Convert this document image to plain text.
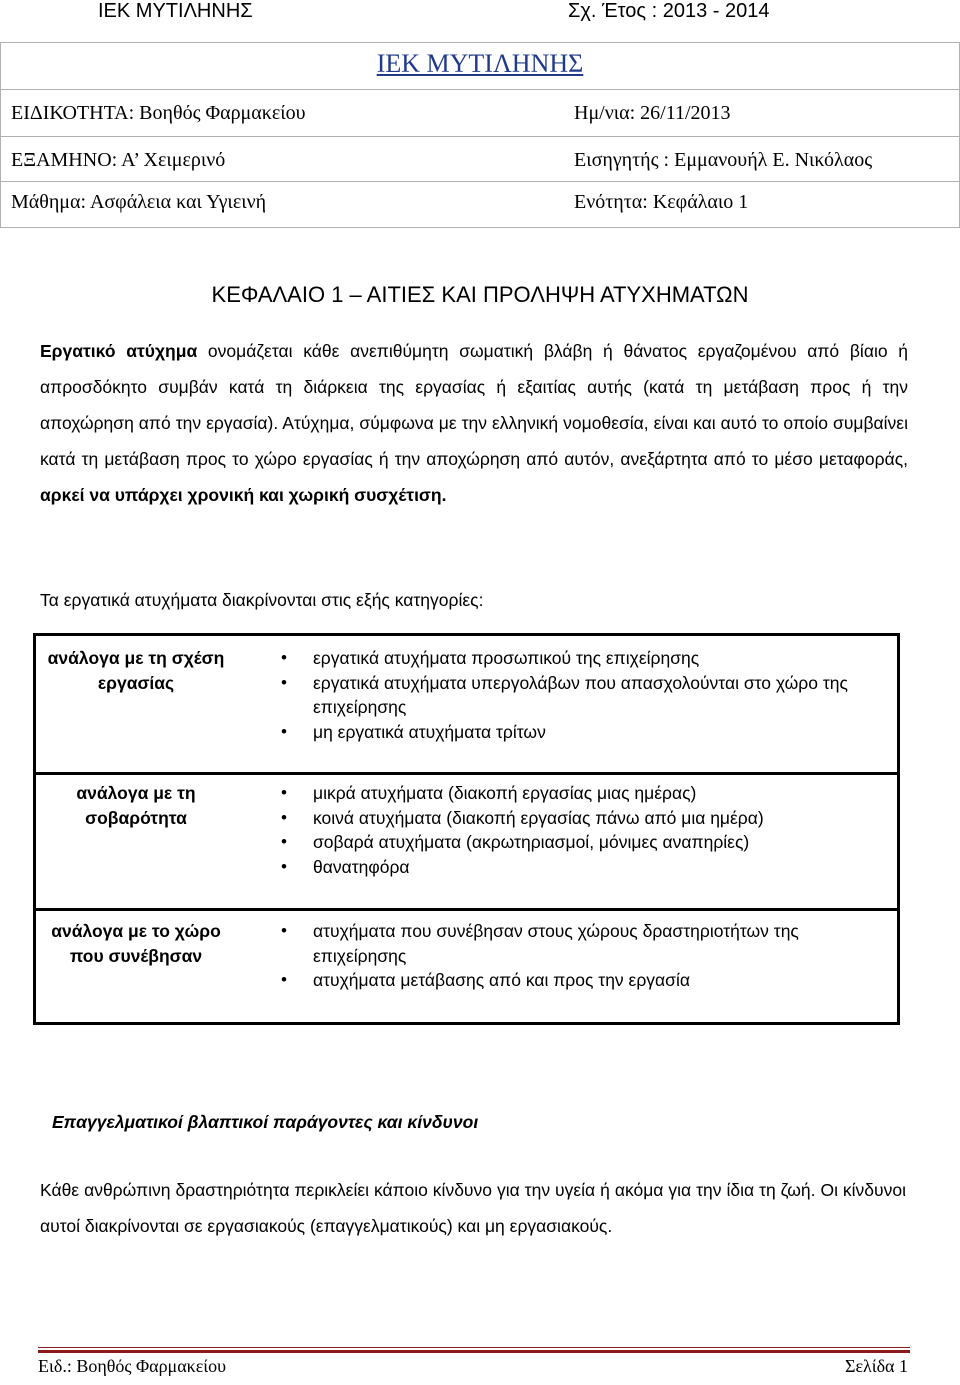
ΙΕΚ ΜΥΤΙΛΗΝΗΣ	Σχ. Έτος : 2013 - 2014
ΙΕΚ ΜΥΤΙΛΗΝΗΣ
ΕΙΔΙΚΟΤΗΤΑ: Βοηθός Φαρμακείου	Ημ/νια: 26/11/2013
ΕΞΑΜΗΝΟ: Α’ Χειμερινό	Εισηγητής : Εμμανουήλ Ε. Νικόλαος
Μάθημα: Ασφάλεια και Υγιεινή	Ενότητα: Κεφάλαιο 1
ΚΕΦΑΛΑΙΟ 1 – ΑΙΤΙΕΣ ΚΑΙ ΠΡΟΛΗΨΗ ΑΤΥΧΗΜΑΤΩΝ
Εργατικό ατύχημα ονομάζεται κάθε ανεπιθύμητη σωματική βλάβη ή θάνατος εργαζομένου από βίαιο ή απροσδόκητο συμβάν κατά τη διάρκεια της εργασίας ή εξαιτίας αυτής (κατά τη μετάβαση προς ή την αποχώρηση από την εργασία). Ατύχημα, σύμφωνα με την ελληνική νομοθεσία, είναι και αυτό το οποίο συμβαίνει κατά τη μετάβαση προς το χώρο εργασίας ή την αποχώρηση από αυτόν, ανεξάρτητα από το μέσο μεταφοράς, αρκεί να υπάρχει χρονική και χωρική συσχέτιση.
Τα εργατικά ατυχήματα διακρίνονται στις εξής κατηγορίες:
ανάλογα με τη σχέση εργασίας
• εργατικά ατυχήματα προσωπικού της επιχείρησης
• εργατικά ατυχήματα υπεργολάβων που απασχολούνται στο χώρο της επιχείρησης
• μη εργατικά ατυχήματα τρίτων
ανάλογα με τη σοβαρότητα
• μικρά ατυχήματα (διακοπή εργασίας μιας ημέρας)
• κοινά ατυχήματα (διακοπή εργασίας πάνω από μια ημέρα)
• σοβαρά ατυχήματα (ακρωτηριασμοί, μόνιμες αναπηρίες)
• θανατηφόρα
ανάλογα με το χώρο που συνέβησαν
• ατυχήματα που συνέβησαν στους χώρους δραστηριοτήτων της επιχείρησης
• ατυχήματα μετάβασης από και προς την εργασία
Επαγγελματικοί βλαπτικοί παράγοντες και κίνδυνοι
Κάθε ανθρώπινη δραστηριότητα περικλείει κάποιο κίνδυνο για την υγεία ή ακόμα για την ίδια τη ζωή. Οι κίνδυνοι αυτοί διακρίνονται σε εργασιακούς (επαγγελματικούς) και μη εργασιακούς.
Ειδ.: Βοηθός Φαρμακείου	Σελίδα 1
